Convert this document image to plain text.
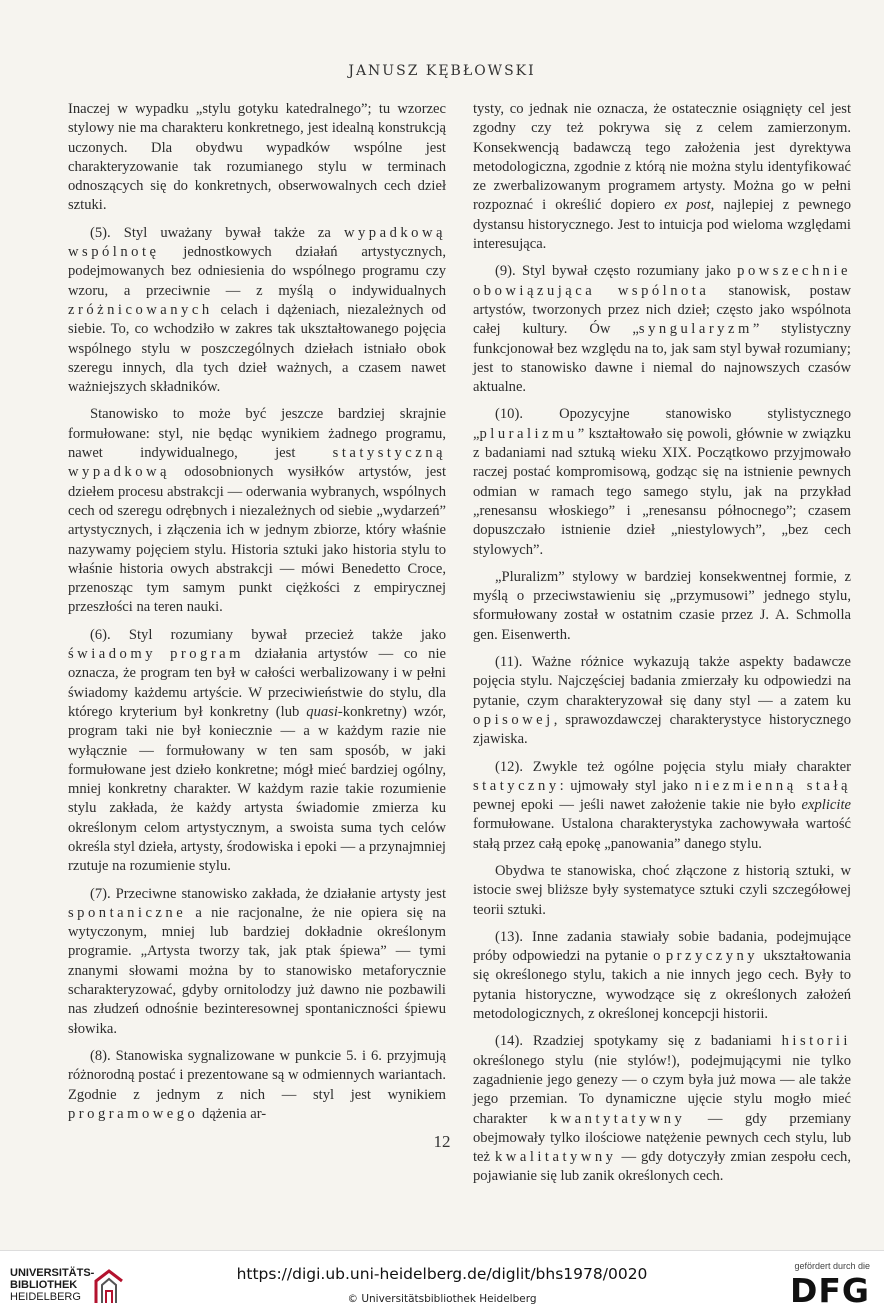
JANUSZ KĘBŁOWSKI

Inaczej w wypadku „stylu gotyku katedralnego”; tu wzorzec stylowy nie ma charakteru konkretnego, jest idealną konstrukcją uczonych. Dla obydwu wypadków wspólne jest charakteryzowanie tak rozumianego stylu w terminach odnoszących się do konkretnych, obserwowalnych cech dzieł sztuki.

(5). Styl uważany bywał także za wypadkową wspólnotę jednostkowych działań artystycznych, podejmowanych bez odniesienia do wspólnego programu czy wzoru, a przeciwnie — z myślą o indywidualnych zróżnicowanych celach i dążeniach, niezależnych od siebie. To, co wchodziło w zakres tak ukształtowanego pojęcia wspólnego stylu w poszczególnych dziełach istniało obok szeregu innych, dla tych dzieł ważnych, a czasem nawet ważniejszych składników.

Stanowisko to może być jeszcze bardziej skrajnie formułowane: styl, nie będąc wynikiem żadnego programu, nawet indywidualnego, jest	statystyczną wypadkową odosobnionych wysiłków artystów, jest dziełem procesu abstrakcji — oderwania wybranych, wspólnych cech od szeregu odrębnych i niezależnych od siebie „wydarzeń” artystycznych, i złączenia ich w jednym zbiorze, który właśnie nazywamy pojęciem stylu. Historia sztuki jako historia stylu to właśnie historia owych abstrakcji — mówi Benedetto Croce, przenosząc tym samym punkt ciężkości z empirycznej przeszłości na teren nauki.

(6). Styl rozumiany bywał przecież także jako świadomy program działania artystów — co nie oznacza, że program ten był w całości werbalizowany i w pełni świadomy każdemu artyście. W przeciwieństwie do stylu, dla którego kryterium był konkretny (lub quasi-konkretny) wzór, program taki nie był koniecznie — a w każdym razie nie wyłącznie — formułowany w ten sam sposób, w jaki formułowane jest dzieło konkretne; mógł mieć bardziej ogólny, mniej konkretny charakter. W każdym razie takie rozumienie stylu zakłada, że każdy artysta świadomie zmierza ku określonym celom artystycznym, a swoista suma tych celów określa styl dzieła, artysty, środowiska i epoki — a przynajmniej rzutuje na rozumienie stylu.

(7). Przeciwne stanowisko zakłada, że działanie artysty jest spontaniczne a nie racjonalne, że nie opiera się na wytyczonym, mniej lub bardziej dokładnie określonym programie. „Artysta tworzy tak, jak ptak śpiewa” — tymi znanymi słowami można by to stanowisko metaforycznie scharakteryzować, gdyby ornitolodzy już dawno nie pozbawili nas złudzeń odnośnie bezinteresownej spontaniczności śpiewu słowika.

(8). Stanowiska sygnalizowane w punkcie 5. i 6. przyjmują różnorodną postać i prezentowane są w odmiennych wariantach. Zgodnie z jednym z nich — styl jest wynikiem programowego dążenia ar-

tysty, co jednak nie oznacza, że ostatecznie osiągnięty cel jest zgodny czy też pokrywa się z celem zamierzonym. Konsekwencją badawczą tego założenia jest dyrektywa metodologiczna, zgodnie z którą nie można stylu identyfikować ze zwerbalizowanym programem artysty. Można go w pełni rozpoznać i określić dopiero ex post, najlepiej z pewnego dystansu historycznego. Jest to intuicja pod wieloma względami interesująca.

(9). Styl bywał często rozumiany jako powszechnie obowiązująca wspólnota stanowisk, postaw artystów, tworzonych przez nich dzieł; często jako wspólnota całej kultury. Ów „syngularyzm” stylistyczny funkcjonował bez względu na to, jak sam styl bywał rozumiany; jest to stanowisko dawne i niemal do najnowszych czasów aktualne.

(10). Opozycyjne stanowisko stylistycznego „pluralizmu” kształtowało się powoli, głównie w związku z badaniami nad sztuką wieku XIX. Początkowo przyjmowało raczej postać kompromisową, godząc się na istnienie pewnych odmian w ramach tego samego stylu, jak na przykład „renesansu włoskiego” i „renesansu północnego”; czasem dopuszczało istnienie dzieł „niestylowych”, „bez cech stylowych”.

„Pluralizm” stylowy w bardziej konsekwentnej formie, z myślą o przeciwstawieniu się „przymusowi” jednego stylu, sformułowany został w ostatnim czasie przez J. A. Schmolla gen. Eisenwerth.

(11). Ważne różnice wykazują także aspekty badawcze pojęcia stylu. Najczęściej badania zmierzały ku odpowiedzi na pytanie, czym charakteryzował się dany styl — a zatem ku opisowej, sprawozdawczej charakterystyce historycznego zjawiska.

(12). Zwykle też ogólne pojęcia stylu miały charakter statyczny: ujmowały styl jako niezmienną stałą pewnej epoki — jeśli nawet założenie takie nie było explicite formułowane. Ustalona charakterystyka zachowywała wartość stałą przez całą epokę „panowania” danego stylu.

Obydwa te stanowiska, choć złączone z historią sztuki, w istocie swej bliższe były systematyce sztuki czyli szczegółowej teorii sztuki.

(13). Inne zadania stawiały sobie badania, podejmujące próby odpowiedzi na pytanie o przyczyny ukształtowania się określonego stylu, takich a nie innych jego cech. Były to pytania historyczne, wywodzące się z określonych założeń metodologicznych, z określonej koncepcji historii.

(14). Rzadziej spotykamy się z badaniami historii określonego stylu (nie stylów!), podejmującymi nie tylko zagadnienie jego genezy — o czym była już mowa — ale także jego przemian. To dynamiczne ujęcie stylu mogło mieć charakter kwantytatywny — gdy przemiany obejmowały tylko ilościowe natężenie pewnych cech stylu, lub też kwalitatywny — gdy dotyczyły zmian zespołu cech, pojawianie się lub zanik określonych cech.

12
UNIVERSITÄTS-
BIBLIOTHEK
HEIDELBERG
https://digi.ub.uni-heidelberg.de/diglit/bhs1978/0020
© Universitätsbibliothek Heidelberg
gefördert durch die
DFG
